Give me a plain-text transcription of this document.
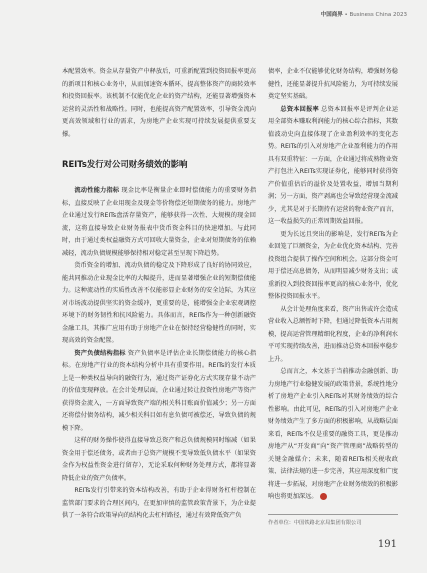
中国商界 • Business China 2023

本配置效率。资金从存量资产中释放后，可重新配置到投资回报率更高的新项目和核心业务中，从而加速资本循环，提高整体资产的商转效率和投资回报率。该机制不仅能优化企业的资产结构，还能显著增强资本运营的灵活性和战略性。同时，也能提高资产配置效率，引导资金流向更高效领域和行业的需求，为房地产企业实现可持续发展提供重要支撑。

REITs发行对公司财务绩效的影响

流动性能力指标 现金比率是衡量企业即时偿债能力的重要财务指标，直接反映了企业用现金及现金等价物偿还短期债务的能力。房地产企业通过发行REITs盘活存量资产，能够获得一次性、大规模的现金回流，这将直接导致企业财务报表中货币资金科目的快速增加。与此同时，由于通过类权益融资方式可回收大量资金，企业对短期债务的依赖减轻，流动负债规模能够保持相对稳定甚至呈现下降趋势。

货币资金的增加、流动负债的稳定及下降形成了良好的协同效应，能共同推动企业现金比率的大幅提升，进而显著增强企业的短期偿债能力。这种流动性的实质性改善不仅能彰显企业财务的安全边际，为其应对市场波动提供坚实的资金缓冲，更重要的是，能增强金企业宏观调控环境下的财务韧性和抗风险能力。具体而言，REITs作为一种创新融资金融工具，其推广应用有助于房地产企业在保持经营稳健性的同时，实现高效的资金配置。

资产负债结构指标 资产负债率是评估企业长期偿债能力的核心指标。在房地产行业的资本结构分析中具有重要作用。REITs的发行本质上是一种类权益导向的融资行为，通过资产证券化方式实现存量不动产的价值变现释放。在会计处理层面，企业通过转让投资性房地产等资产获得资金流入，一方面导致资产端的相关科目账面价值减少；另一方面还将偿付债务结构，减少相关科目如有息负债可被偿还，导致负债的规模下降。

这样的财务操作使得直接导致总资产和总负债规模同时缩减（如果资金用于偿还债务，或者由于总资产规模不变导致低负债水平（如果资金作为权益性资金进行留存），无论采取何种财务处理方式，都将显著降低企业的资产负债率。

REITs发行引带来的资本结构改善，有助于企业得财务杠杆控制在监管部门要求的合理区间内，在更加审慎的监管政策背景下，为企业提供了一条符合政策导向的结构化去杠杆路径，通过有效降低资产负

债率，企业不仅能够优化财务结构，增强财务稳健性，还能显著提升抗风险能力，为可持续发展奠定坚实基础。

总资本回报率 总资本回报率是评判企业运用全部资本赚取利润能力的核心综合指标，其数值波动史向直接体现了企业盈利效率的变化态势。REITs的引入对房地产企业盈利能力的作用具有双重特征：一方面，企业通过将成熟物业资产打包注入REITs实现证券化，能够同时获得资产价值重估后的溢价及处置收益，增加当期利润；另一方面，资产剥离也会导致经营现金流减少，尤其是对于长期持有运营的物业资产而言，这一收益损失的正常周期效益回报。

更为长远且突出的影响是，发行REITs为企业回笼了巨额资金，为企业优化资本结构、完善投资组合提供了操作空间和机会。这部分资金可用于偿还高息债务，从而明显减少财务支出；或重新投入到投资回报率更高的核心业务中，优化整体投资回报水平。

从会计处理角度来看，资产出售或许会造成营业收入总额暂时下降，但通过降低资本占用规模，提高运营管理精细化程度，企业的净利润水平可实现持续改善，进而推动总资本回报率稳步上升。

总而言之，本文基于当前推动金融创新、助力房地产行业稳健发展的政策背景，系统性地分析了房地产企业引入REITs对其财务绩效的综合性影响。由此可见，REITs的引入对房地产企业财务绩效产生了多方面的积极影响，从战略层面来看，REITs不仅是重要的融资工具，更是推动房地产从“开发商”向“资产管理商”战略转型的关键金融媒介；未来，随着REITs相关税收政策、法律法规的进一步完善，其应用深度和广度将进一步拓展，对房地产企业财务绩效的积极影响也将更加深远。

作者单位：中国铁路北京局集团有限公司
191
